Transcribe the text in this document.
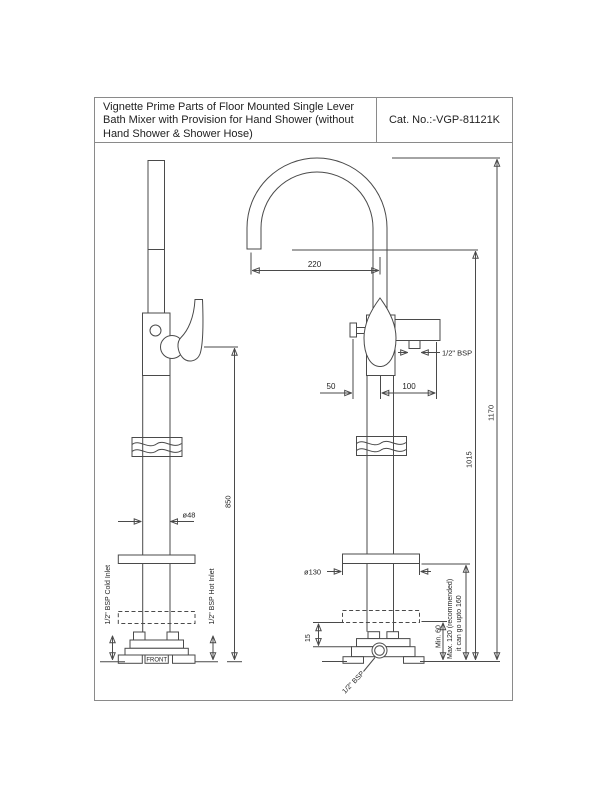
Vignette Prime Parts of Floor Mounted Single Lever Bath Mixer with Provision for Hand Shower (without Hand Shower & Shower Hose)
Cat. No.:-VGP-81121K
FRONT
ø48
850
1/2" BSP Cold Inlet	1/2" BSP Hot Inlet
220
50	100
1/2" BSP
ø130
15	Min. 60 Max. 120 (recommended) it can go upto 160
1015
1170
1/2" BSP
